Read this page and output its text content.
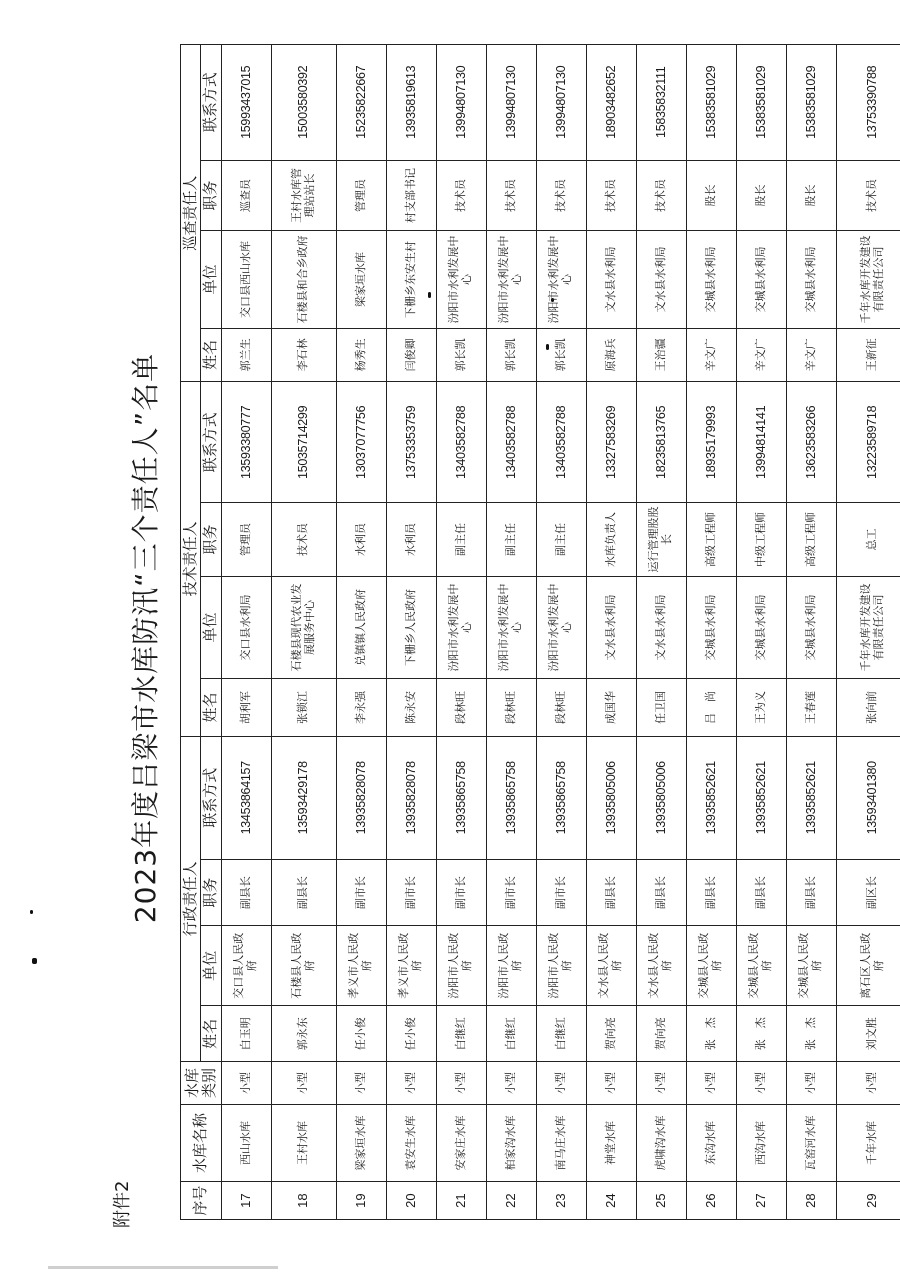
附件2
2023年度吕梁市水库防汛“三个责任人”名单
序号	水库名称	水库类别	行政责任人				技术责任人				巡查责任人			
			姓名	单位	职务	联系方式	姓名	单位	职务	联系方式	姓名	单位	职务	联系方式
17	西山水库	小型	白玉明	交口县人民政府	副县长	13453864157	胡利军	交口县水利局	管理员	13593380777	郭兰生	交口县西山水库	巡查员	15993437015
18	王村水库	小型	郭永东	石楼县人民政府	副县长	13593429178	张锁江	石楼县现代农业发展服务中心	技术员	15035714299	李石林	石楼县和合乡政府	王村水库管理站站长	15003580392
19	梁家垣水库	小型	任小俊	孝义市人民政府	副市长	13935828078	李永强	兑镇镇人民政府	水利员	13037077756	杨秀生	梁家垣水库	管理员	15235822667
20	袁安生水库	小型	任小俊	孝义市人民政府	副市长	13935828078	陈永安	下栅乡人民政府	水利员	13753353759	闫俊卿	下栅乡东安生村	村支部书记	13935819613
21	安家庄水库	小型	白继红	汾阳市人民政府	副市长	13935865758	段林旺	汾阳市水利发展中心	副主任	13403582788	郭长凯	汾阳市水利发展中心	技术员	13994807130
22	柏家沟水库	小型	白继红	汾阳市人民政府	副市长	13935865758	段林旺	汾阳市水利发展中心	副主任	13403582788	郭长凯	汾阳市水利发展中心	技术员	13994807130
23	南马庄水库	小型	白继红	汾阳市人民政府	副市长	13935865758	段林旺	汾阳市水利发展中心	副主任	13403582788	郭长凯	汾阳市水利发展中心	技术员	13994807130
24	神堂水库	小型	贺向亮	文水县人民政府	副县长	13935805006	成国华	文水县水利局	水库负责人	13327583269	原海兵	文水县水利局	技术员	18903482652
25	虎啸沟水库	小型	贺向亮	文水县人民政府	副县长	13935805006	任卫国	文水县水利局	运行管理股股长	18235813765	王治疆	文水县水利局	技术员	15835832111
26	东沟水库	小型	张　杰	交城县人民政府	副县长	13935852621	吕　尚	交城县水利局	高级工程师	18935179993	辛文广	交城县水利局	股长	15383581029
27	西沟水库	小型	张　杰	交城县人民政府	副县长	13935852621	王为义	交城县水利局	中级工程师	13994814141	辛文广	交城县水利局	股长	15383581029
28	瓦窑河水库	小型	张　杰	交城县人民政府	副县长	13935852621	王春莲	交城县水利局	高级工程师	13623583266	辛文广	交城县水利局	股长	15383581029
29	千年水库	小型	刘文胜	离石区人民政府	副区长	13593401380	张向前	千年水库开发建设有限责任公司	总工	13223589718	王新征	千年水库开发建设有限责任公司	技术员	13753390788
